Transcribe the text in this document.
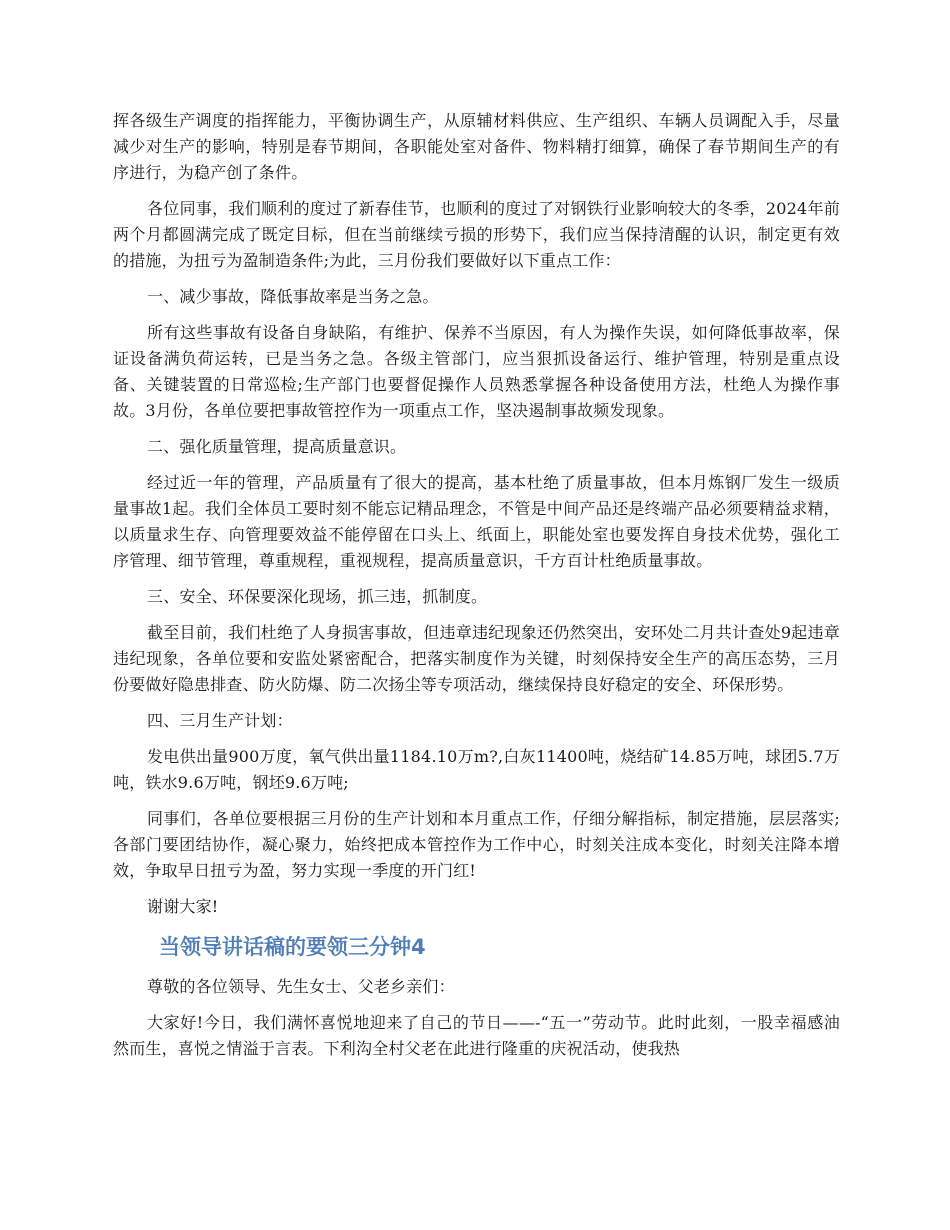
挥各级生产调度的指挥能力，平衡协调生产，从原辅材料供应、生产组织、车辆人员调配入手，尽量减少对生产的影响，特别是春节期间，各职能处室对备件、物料精打细算，确保了春节期间生产的有序进行，为稳产创了条件。

各位同事，我们顺利的度过了新春佳节，也顺利的度过了对钢铁行业影响较大的冬季，2024年前两个月都圆满完成了既定目标，但在当前继续亏损的形势下，我们应当保持清醒的认识，制定更有效的措施，为扭亏为盈制造条件;为此，三月份我们要做好以下重点工作：

一、减少事故，降低事故率是当务之急。

所有这些事故有设备自身缺陷，有维护、保养不当原因，有人为操作失误，如何降低事故率，保证设备满负荷运转，已是当务之急。各级主管部门，应当狠抓设备运行、维护管理，特别是重点设备、关键装置的日常巡检;生产部门也要督促操作人员熟悉掌握各种设备使用方法，杜绝人为操作事故。3月份，各单位要把事故管控作为一项重点工作，坚决遏制事故频发现象。

二、强化质量管理，提高质量意识。

经过近一年的管理，产品质量有了很大的提高，基本杜绝了质量事故，但本月炼钢厂发生一级质量事故1起。我们全体员工要时刻不能忘记精品理念，不管是中间产品还是终端产品必须要精益求精，以质量求生存、向管理要效益不能停留在口头上、纸面上，职能处室也要发挥自身技术优势，强化工序管理、细节管理，尊重规程，重视规程，提高质量意识，千方百计杜绝质量事故。

三、安全、环保要深化现场，抓三违，抓制度。

截至目前，我们杜绝了人身损害事故，但违章违纪现象还仍然突出，安环处二月共计查处9起违章违纪现象，各单位要和安监处紧密配合，把落实制度作为关键，时刻保持安全生产的高压态势，三月份要做好隐患排查、防火防爆、防二次扬尘等专项活动，继续保持良好稳定的安全、环保形势。

四、三月生产计划：

发电供出量900万度，氧气供出量1184.10万m?,白灰11400吨，烧结矿14.85万吨，球团5.7万吨，铁水9.6万吨，钢坯9.6万吨;

同事们，各单位要根据三月份的生产计划和本月重点工作，仔细分解指标，制定措施，层层落实;各部门要团结协作，凝心聚力，始终把成本管控作为工作中心，时刻关注成本变化，时刻关注降本增效，争取早日扭亏为盈，努力实现一季度的开门红!

谢谢大家!

当领导讲话稿的要领三分钟4

尊敬的各位领导、先生女士、父老乡亲们：

大家好!今日，我们满怀喜悦地迎来了自己的节日——-“五一”劳动节。此时此刻，一股幸福感油然而生，喜悦之情溢于言表。下利沟全村父老在此进行隆重的庆祝活动，使我热
